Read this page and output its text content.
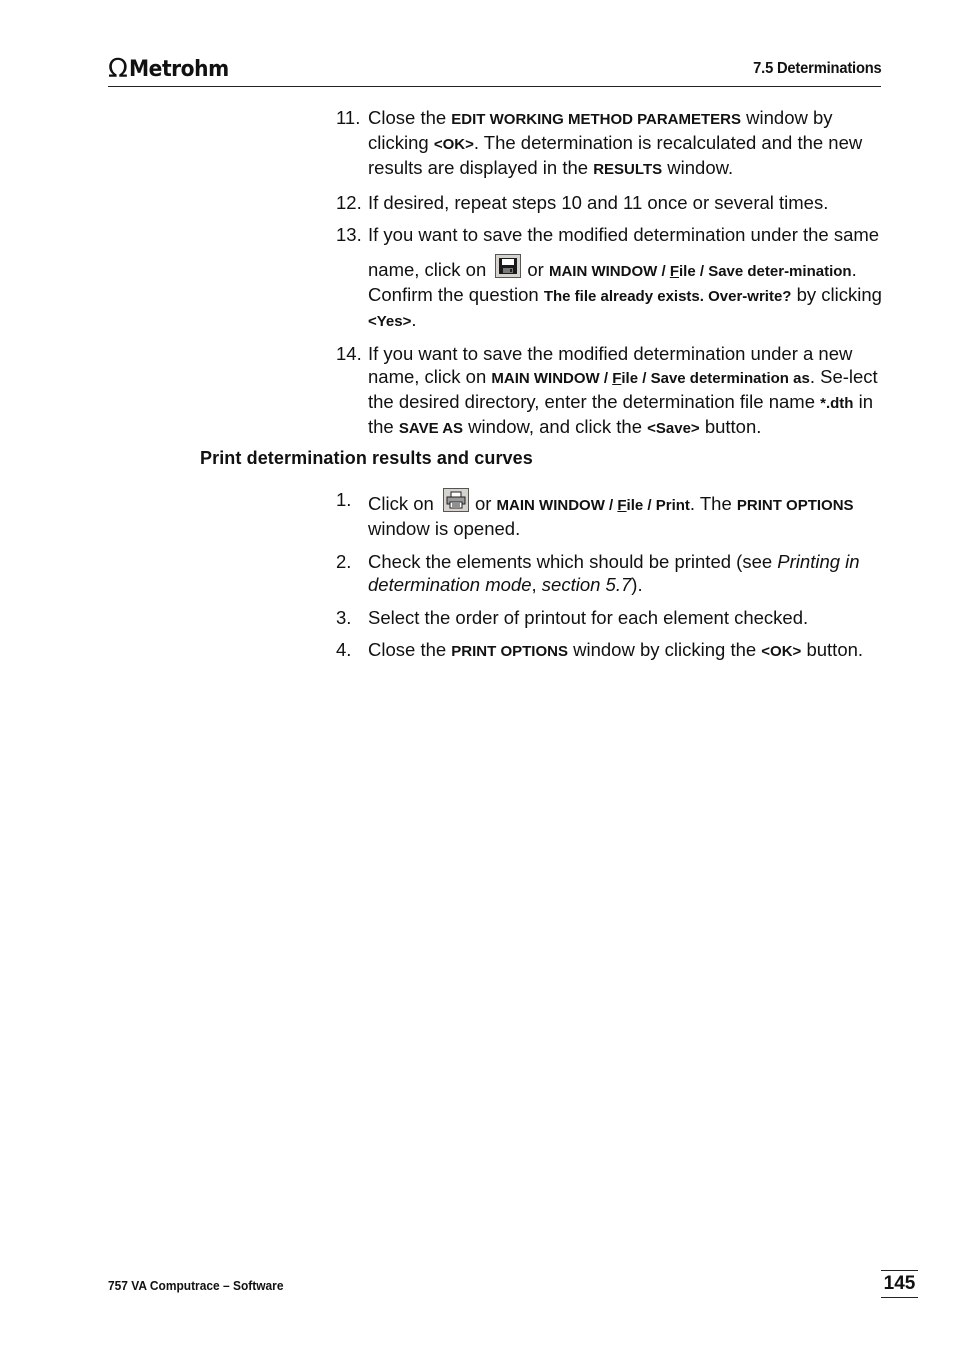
Ω Metrohm	7.5 Determinations
11. Close the EDIT WORKING METHOD PARAMETERS window by clicking <OK>. The determination is recalculated and the new results are displayed in the RESULTS window.
12. If desired, repeat steps 10 and 11 once or several times.
13. If you want to save the modified determination under the same name, click on or MAIN WINDOW / File / Save deter-mination. Confirm the question The file already exists. Over-write? by clicking <Yes>.
14. If you want to save the modified determination under a new name, click on MAIN WINDOW / File / Save determination as. Se-lect the desired directory, enter the determination file name *.dth in the SAVE AS window, and click the <Save> button.
Print determination results and curves
1. Click on or MAIN WINDOW / File / Print. The PRINT OPTIONS window is opened.
2. Check the elements which should be printed (see Printing in determination mode, section 5.7).
3. Select the order of printout for each element checked.
4. Close the PRINT OPTIONS window by clicking the <OK> button.
757 VA Computrace – Software	145
